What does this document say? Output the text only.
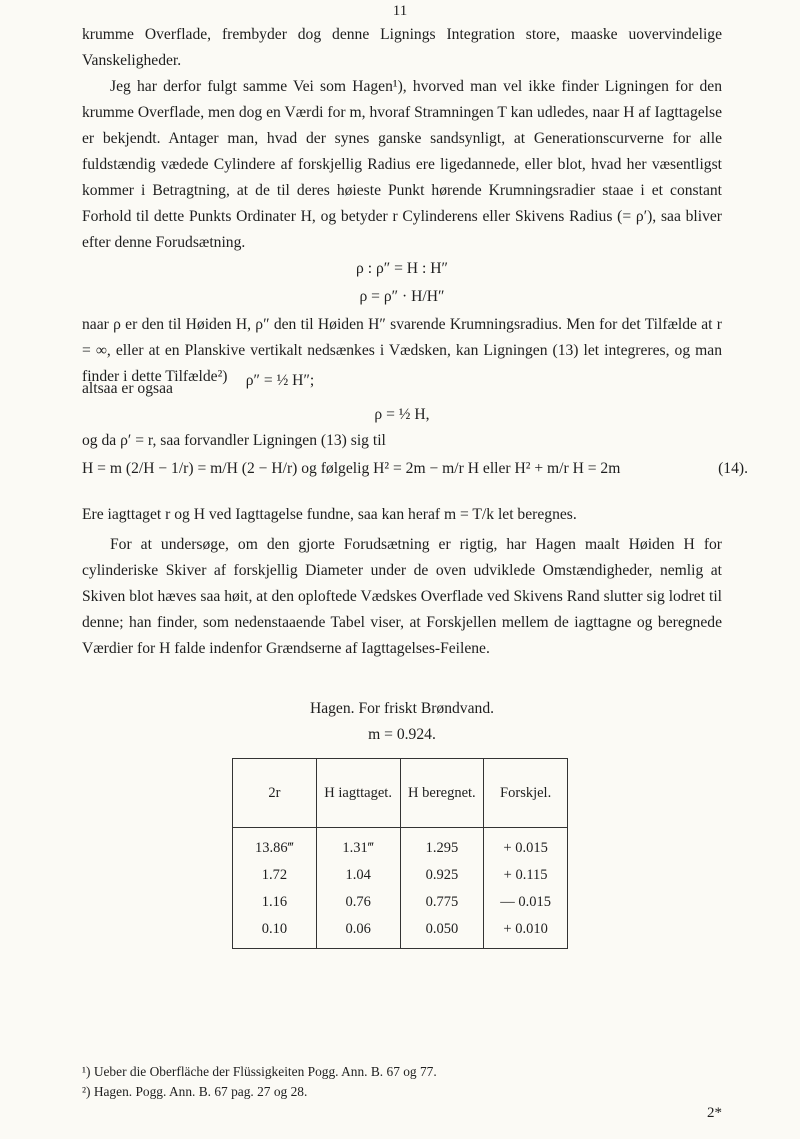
11
krumme Overflade, frembyder dog denne Lignings Integration store, maaske uovervindelige Vanskeligheder.
Jeg har derfor fulgt samme Vei som Hagen¹), hvorved man vel ikke finder Ligningen for den krumme Overflade, men dog en Værdi for m, hvoraf Stramningen T kan udledes, naar H af Iagttagelse er bekjendt. Antager man, hvad der synes ganske sandsynligt, at Generationscurverne for alle fuldstændig vædede Cylindere af forskjellig Radius ere ligedannede, eller blot, hvad her væsentligst kommer i Betragtning, at de til deres høieste Punkt hørende Krumningsradier staae i et constant Forhold til dette Punkts Ordinater H, og betyder r Cylinderens eller Skivens Radius (= ρ′), saa bliver efter denne Forudsætning.
ρ : ρ″ = H : H″
ρ = ρ″ · H/H″
naar ρ er den til Høiden H, ρ″ den til Høiden H″ svarende Krumningsradius. Men for det Tilfælde at r = ∞, eller at en Planskive vertikalt nedsænkes i Vædsken, kan Ligningen (13) let integreres, og man finder i dette Tilfælde²)	ρ″ = ½ H″;
altsaa er ogsaa
og da ρ′ = r, saa forvandler Ligningen (13) sig til
ρ = ½ H,
H = m (2/H − 1/r) = m/H (2 − H/r) og følgelig H² = 2m − m/r H eller H² + m/r H = 2m	(14).
Ere iagttaget r og H ved Iagttagelse fundne, saa kan heraf m = T/k let beregnes.
For at undersøge, om den gjorte Forudsætning er rigtig, har Hagen maalt Høiden H for cylinderiske Skiver af forskjellig Diameter under de oven udviklede Omstændigheder, nemlig at Skiven blot hæves saa høit, at den oploftede Vædskes Overflade ved Skivens Rand slutter sig lodret til denne; han finder, som nedenstaaende Tabel viser, at Forskjellen mellem de iagttagne og beregnede Værdier for H falde indenfor Grændserne af Iagttagelses-Feilene.
Hagen. For friskt Brøndvand.
m = 0.924.
2r	H iagttaget.	H beregnet.	Forskjel.
13.86‴	1.31‴	1.295	+ 0.015
1.72	1.04	0.925	+ 0.115
1.16	0.76	0.775	— 0.015
0.10	0.06	0.050	+ 0.010
¹) Ueber die Oberfläche der Flüssigkeiten Pogg. Ann. B. 67 og 77.
²) Hagen. Pogg. Ann. B. 67 pag. 27 og 28.
2*
